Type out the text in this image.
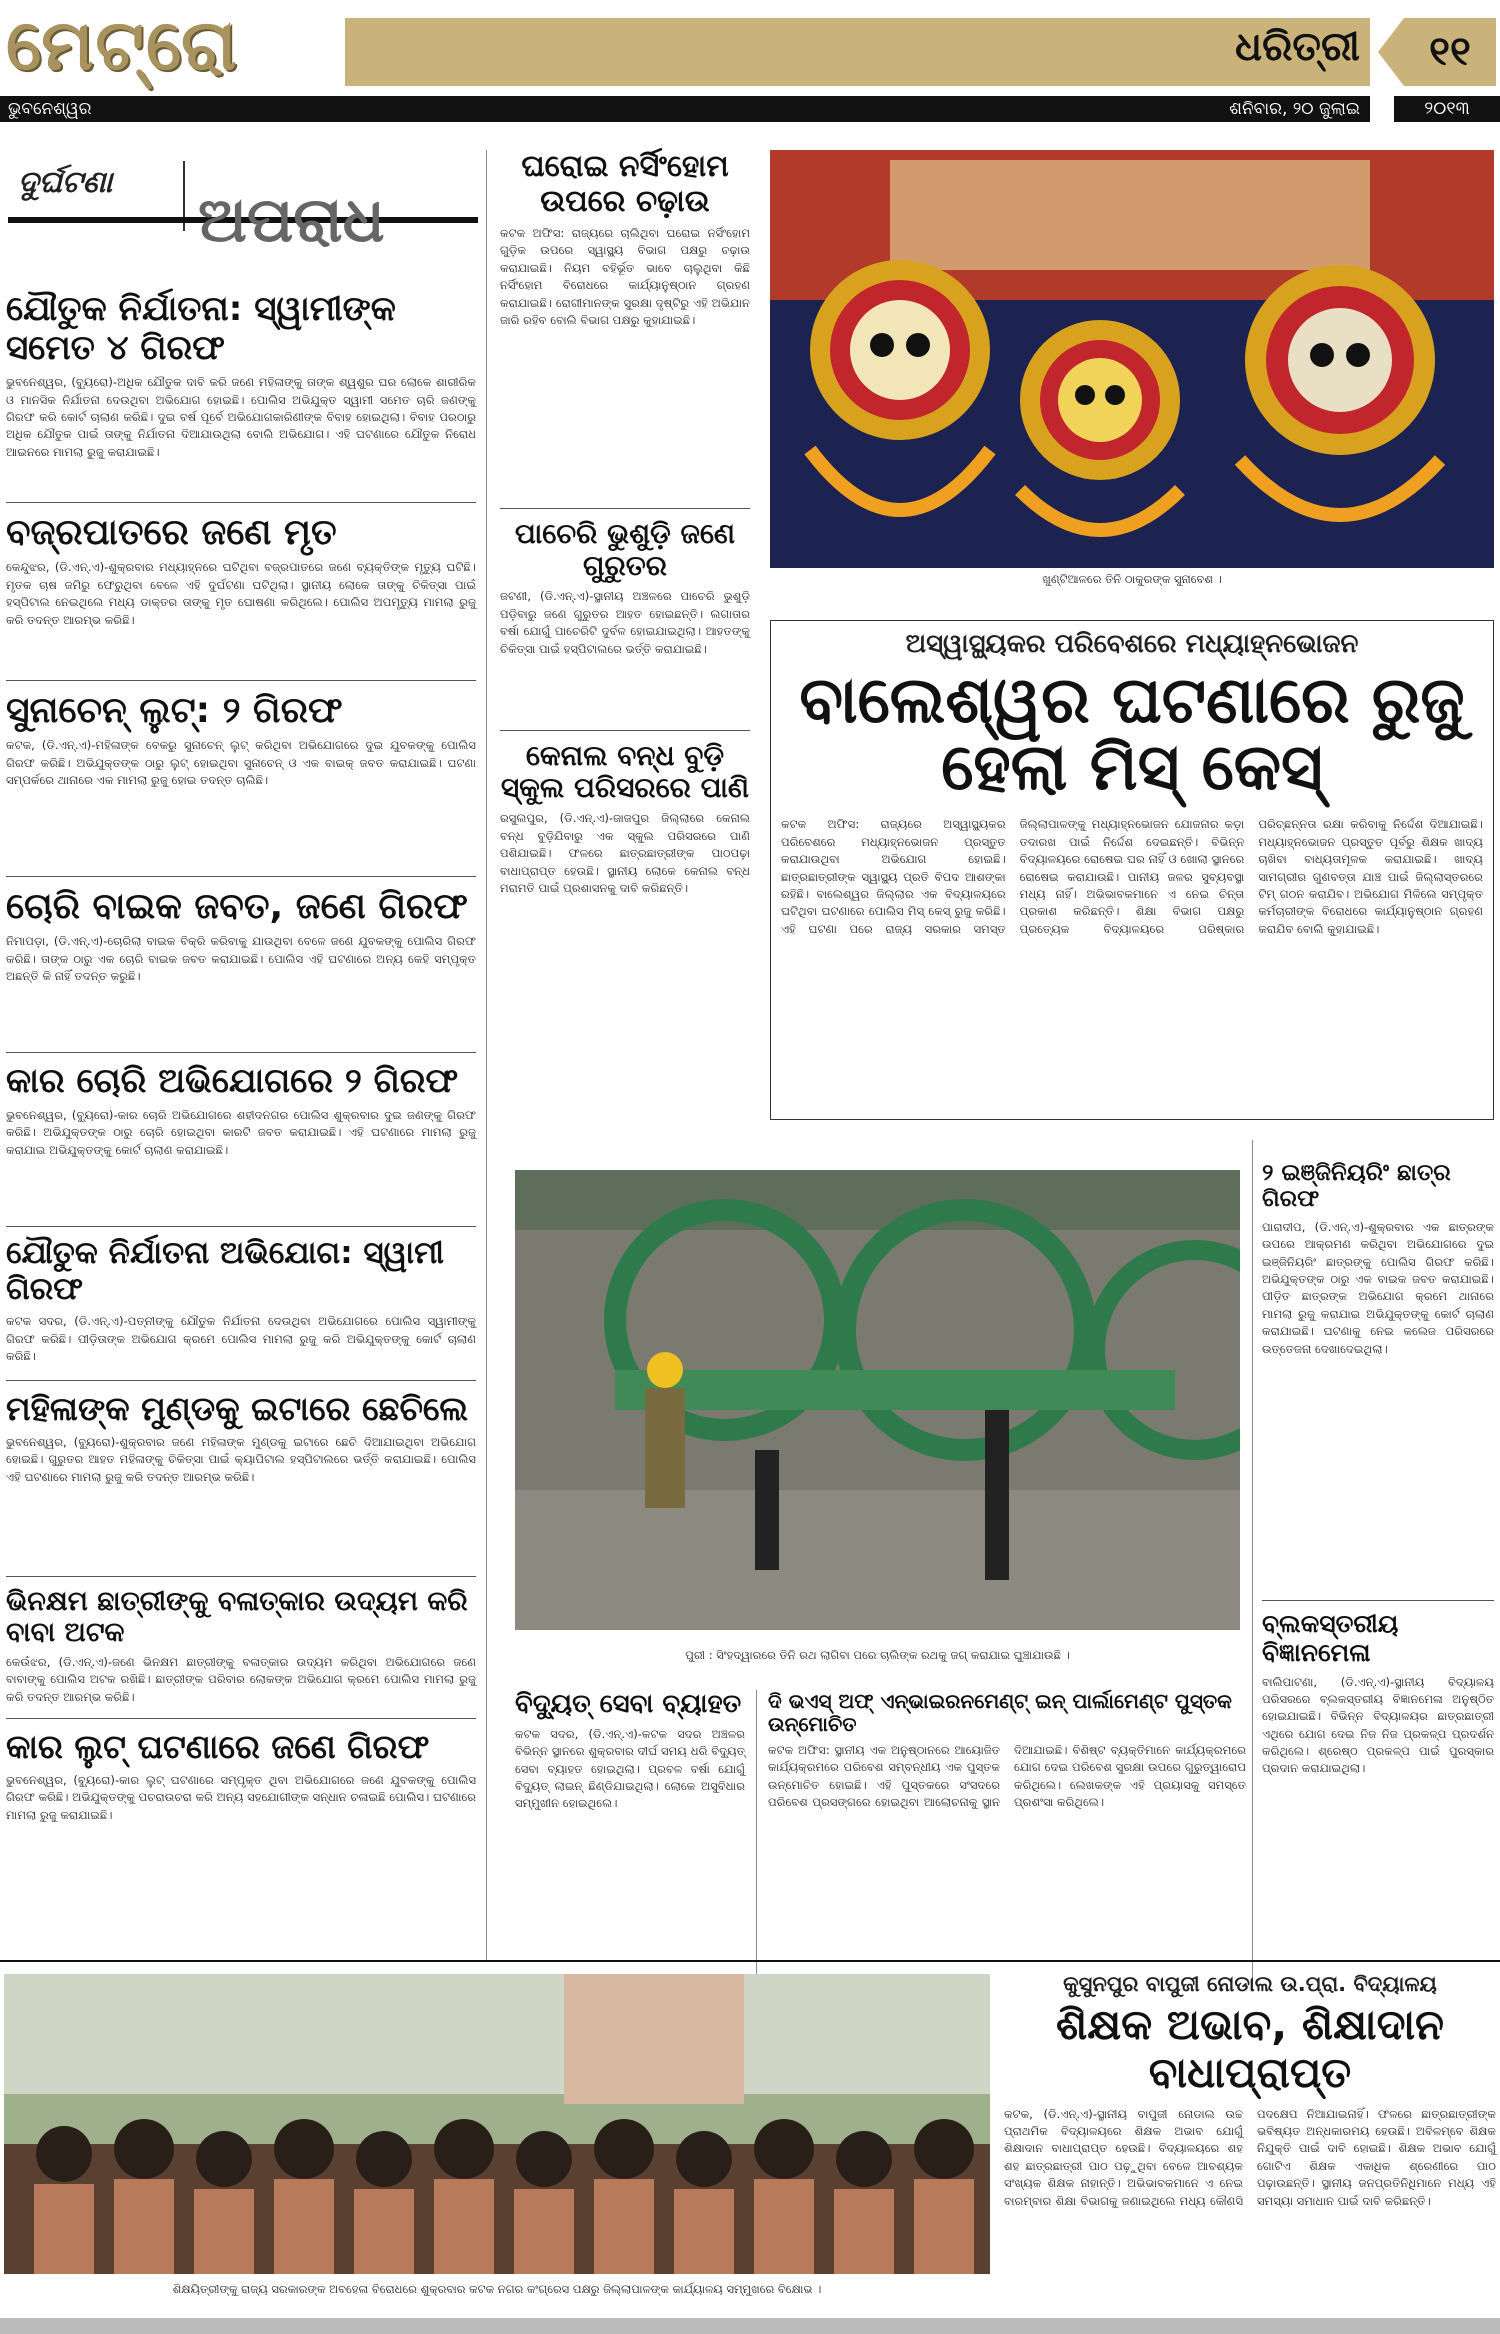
ମେଟ୍ରୋ	ଧରିତ୍ରୀ	୧୧
ଭୁବନେଶ୍ୱର	ଶନିବାର, ୨୦ ଜୁଲାଇ	୨୦୧୩
ଦୁର୍ଘଟଣା
ଅପରାଧ
ଯୌତୁକ ନିର୍ଯାତନା: ସ୍ୱାମୀଙ୍କ ସମେତ ୪ ଗିରଫ

ଭୁବନେଶ୍ୱର, (ବ୍ୟୁରୋ)-ଅଧିକ ଯୌତୁକ ଦାବି କରି ଜଣେ ମହିଳାଙ୍କୁ ତାଙ୍କ ଶ୍ୱଶୁର ଘର ଲୋକେ ଶାରୀରିକ ଓ ମାନସିକ ନିର୍ଯାତନା ଦେଉଥିବା ଅଭିଯୋଗ ହୋଇଛି। ପୋଲିସ ଅଭିଯୁକ୍ତ ସ୍ୱାମୀ ସମେତ ଚାରି ଜଣଙ୍କୁ ଗିରଫ କରି କୋର୍ଟ ଚାଲାଣ କରିଛି। ଦୁଇ ବର୍ଷ ପୂର୍ବେ ଅଭିଯୋଗକାରିଣୀଙ୍କ ବିବାହ ହୋଇଥିଲା। ବିବାହ ପରଠାରୁ ଅଧିକ ଯୌତୁକ ପାଇଁ ତାଙ୍କୁ ନିର୍ଯାତନା ଦିଆଯାଉଥିଲା ବୋଲି ଅଭିଯୋଗ। ଏହି ଘଟଣାରେ ଯୌତୁକ ନିରୋଧ ଆଇନରେ ମାମଲା ରୁଜୁ କରାଯାଇଛି।

ବଜ୍ରପାତରେ ଜଣେ ମୃତ

କେନ୍ଦୁଝର, (ଡି.ଏନ୍.ଏ)-ଶୁକ୍ରବାର ମଧ୍ୟାହ୍ନରେ ଘଟିଥିବା ବଜ୍ରପାତରେ ଜଣେ ବ୍ୟକ୍ତିଙ୍କ ମୃତ୍ୟୁ ଘଟିଛି। ମୃତକ ଚାଷ ଜମିରୁ ଫେରୁଥିବା ବେଳେ ଏହି ଦୁର୍ଘଟଣା ଘଟିଥିଲା। ସ୍ଥାନୀୟ ଲୋକେ ତାଙ୍କୁ ଚିକିତ୍ସା ପାଇଁ ହସ୍ପିଟାଲ ନେଇଥିଲେ ମଧ୍ୟ ଡାକ୍ତର ତାଙ୍କୁ ମୃତ ଘୋଷଣା କରିଥିଲେ। ପୋଲିସ ଅପମୃତ୍ୟୁ ମାମଲା ରୁଜୁ କରି ତଦନ୍ତ ଆରମ୍ଭ କରିଛି।

ସୁନାଚେନ୍ ଲୁଟ୍: ୨ ଗିରଫ

କଟକ, (ଡି.ଏନ୍.ଏ)-ମହିଳାଙ୍କ ବେକରୁ ସୁନାଚେନ୍ ଲୁଟ୍ କରିଥିବା ଅଭିଯୋଗରେ ଦୁଇ ଯୁବକଙ୍କୁ ପୋଲିସ ଗିରଫ କରିଛି। ଅଭିଯୁକ୍ତଙ୍କ ଠାରୁ ଲୁଟ୍ ହୋଇଥିବା ସୁନାଚେନ୍ ଓ ଏକ ବାଇକ୍ ଜବତ କରାଯାଇଛି। ଘଟଣା ସମ୍ପର୍କରେ ଥାନାରେ ଏକ ମାମଲା ରୁଜୁ ହୋଇ ତଦନ୍ତ ଚାଲିଛି।

ଚୋରି ବାଇକ ଜବତ, ଜଣେ ଗିରଫ

ନିମାପଡ଼ା, (ଡି.ଏନ୍.ଏ)-ଚୋରିଲା ବାଇକ ବିକ୍ରି କରିବାକୁ ଯାଉଥିବା ବେଳେ ଜଣେ ଯୁବକଙ୍କୁ ପୋଲିସ ଗିରଫ କରିଛି। ତାଙ୍କ ଠାରୁ ଏକ ଚୋରି ବାଇକ ଜବତ କରାଯାଇଛି। ପୋଲିସ ଏହି ଘଟଣାରେ ଅନ୍ୟ କେହି ସମ୍ପୃକ୍ତ ଅଛନ୍ତି କି ନାହିଁ ତଦନ୍ତ କରୁଛି।

କାର ଚୋରି ଅଭିଯୋଗରେ ୨ ଗିରଫ

ଭୁବନେଶ୍ୱର, (ବ୍ୟୁରୋ)-କାର ଚୋରି ଅଭିଯୋଗରେ ଶହୀଦନଗର ପୋଲିସ ଶୁକ୍ରବାର ଦୁଇ ଜଣଙ୍କୁ ଗିରଫ କରିଛି। ଅଭିଯୁକ୍ତଙ୍କ ଠାରୁ ଚୋରି ହୋଇଥିବା କାରଟି ଜବତ କରାଯାଇଛି। ଏହି ଘଟଣାରେ ମାମଲା ରୁଜୁ କରାଯାଇ ଅଭିଯୁକ୍ତଙ୍କୁ କୋର୍ଟ ଚାଲାଣ କରାଯାଇଛି।

ଯୌତୁକ ନିର୍ଯାତନା ଅଭିଯୋଗ: ସ୍ୱାମୀ ଗିରଫ

କଟକ ସଦର, (ଡି.ଏନ୍.ଏ)-ପତ୍ନୀଙ୍କୁ ଯୌତୁକ ନିର୍ଯାତନା ଦେଉଥିବା ଅଭିଯୋଗରେ ପୋଲିସ ସ୍ୱାମୀଙ୍କୁ ଗିରଫ କରିଛି। ପୀଡ଼ିତାଙ୍କ ଅଭିଯୋଗ କ୍ରମେ ପୋଲିସ ମାମଲା ରୁଜୁ କରି ଅଭିଯୁକ୍ତଙ୍କୁ କୋର୍ଟ ଚାଲାଣ କରିଛି।

ମହିଳାଙ୍କ ମୁଣ୍ଡକୁ ଇଟାରେ ଛେଚିଲେ

ଭୁବନେଶ୍ୱର, (ବ୍ୟୁରୋ)-ଶୁକ୍ରବାର ଜଣେ ମହିଳାଙ୍କ ମୁଣ୍ଡକୁ ଇଟାରେ ଛେଚି ଦିଆଯାଇଥିବା ଅଭିଯୋଗ ହୋଇଛି। ଗୁରୁତର ଆହତ ମହିଳାଙ୍କୁ ଚିକିତ୍ସା ପାଇଁ କ୍ୟାପିଟାଲ ହସ୍ପିଟାଲରେ ଭର୍ତ୍ତି କରାଯାଇଛି। ପୋଲିସ ଏହି ଘଟଣାରେ ମାମଲା ରୁଜୁ କରି ତଦନ୍ତ ଆରମ୍ଭ କରିଛି।

ଭିନକ୍ଷମ ଛାତ୍ରୀଙ୍କୁ ବଳାତ୍କାର ଉଦ୍ୟମ କରି ବାବା ଅଟକ

କେଉଁଝର, (ଡି.ଏନ୍.ଏ)-ଜଣେ ଭିନକ୍ଷମ ଛାତ୍ରୀଙ୍କୁ ବଳାତ୍କାର ଉଦ୍ୟମ କରିଥିବା ଅଭିଯୋଗରେ ଜଣେ ବାବାଙ୍କୁ ପୋଲିସ ଅଟକ ରଖିଛି। ଛାତ୍ରୀଙ୍କ ପରିବାର ଲୋକଙ୍କ ଅଭିଯୋଗ କ୍ରମେ ପୋଲିସ ମାମଲା ରୁଜୁ କରି ତଦନ୍ତ ଆରମ୍ଭ କରିଛି।

କାର ଲୁଟ୍ ଘଟଣାରେ ଜଣେ ଗିରଫ

ଭୁବନେଶ୍ୱର, (ବ୍ୟୁରୋ)-କାର ଲୁଟ୍ ଘଟଣାରେ ସମ୍ପୃକ୍ତ ଥିବା ଅଭିଯୋଗରେ ଜଣେ ଯୁବକଙ୍କୁ ପୋଲିସ ଗିରଫ କରିଛି। ଅଭିଯୁକ୍ତଙ୍କୁ ପଚରାଉଚରା କରି ଅନ୍ୟ ସହଯୋଗୀଙ୍କ ସନ୍ଧାନ ଚଳାଇଛି ପୋଲିସ। ଘଟଣାରେ ମାମଲା ରୁଜୁ କରାଯାଇଛି।

ଘରୋଇ ନର୍ସିଂହୋମ ଉପରେ ଚଢ଼ାଉ

କଟକ ଅଫିସ: ରାଜ୍ୟରେ ଚାଲିଥିବା ଘରୋଇ ନର୍ସିଂହୋମ ଗୁଡ଼ିକ ଉପରେ ସ୍ୱାସ୍ଥ୍ୟ ବିଭାଗ ପକ୍ଷରୁ ଚଢ଼ାଉ କରାଯାଇଛି। ନିୟମ ବହିର୍ଭୂତ ଭାବେ ଚାଲୁଥିବା କିଛି ନର୍ସିଂହୋମ ବିରୋଧରେ କାର୍ଯ୍ୟାନୁଷ୍ଠାନ ଗ୍ରହଣ କରାଯାଇଛି। ରୋଗୀମାନଙ୍କ ସୁରକ୍ଷା ଦୃଷ୍ଟିରୁ ଏହି ଅଭିଯାନ ଜାରି ରହିବ ବୋଲି ବିଭାଗ ପକ୍ଷରୁ କୁହାଯାଇଛି।

ପାଚେରି ଭୁଶୁଡ଼ି ଜଣେ ଗୁରୁତର

ଜଟଣୀ, (ଡି.ଏନ୍.ଏ)-ସ୍ଥାନୀୟ ଅଞ୍ଚଳରେ ପାଚେରି ଭୁଶୁଡ଼ି ପଡ଼ିବାରୁ ଜଣେ ଗୁରୁତର ଆହତ ହୋଇଛନ୍ତି। ଲଗାତାର ବର୍ଷା ଯୋଗୁଁ ପାଚେରିଟି ଦୁର୍ବଳ ହୋଇଯାଇଥିଲା। ଆହତଙ୍କୁ ଚିକିତ୍ସା ପାଇଁ ହସ୍ପିଟାଲରେ ଭର୍ତ୍ତି କରାଯାଇଛି।

କେନାଲ ବନ୍ଧ ବୁଡ଼ି ସ୍କୁଲ ପରିସରରେ ପାଣି

ରସୁଲପୁର, (ଡି.ଏନ୍.ଏ)-ଜାଜପୁର ଜିଲ୍ଲାରେ କେନାଲ ବନ୍ଧ ବୁଡ଼ିଯିବାରୁ ଏକ ସ୍କୁଲ ପରିସରରେ ପାଣି ପଶିଯାଇଛି। ଫଳରେ ଛାତ୍ରଛାତ୍ରୀଙ୍କ ପାଠପଢ଼ା ବାଧାପ୍ରାପ୍ତ ହେଉଛି। ସ୍ଥାନୀୟ ଲୋକେ କେନାଲ ବନ୍ଧ ମରାମତି ପାଇଁ ପ୍ରଶାସନକୁ ଦାବି କରିଛନ୍ତି।

ଖୁଣ୍ଟିଆଳରେ ତିନି ଠାକୁରଙ୍କ ସୁନାବେଶ ।
ଅସ୍ୱାସ୍ଥ୍ୟକର ପରିବେଶରେ ମଧ୍ୟାହ୍ନଭୋଜନ
ବାଲେଶ୍ୱର ଘଟଣାରେ ରୁଜୁ ହେଲା ମିସ୍ କେସ୍

କଟକ ଅଫିସ: ରାଜ୍ୟରେ ଅସ୍ୱାସ୍ଥ୍ୟକର ପରିବେଶରେ ମଧ୍ୟାହ୍ନଭୋଜନ ପ୍ରସ୍ତୁତ କରାଯାଉଥିବା ଅଭିଯୋଗ ହୋଇଛି। ଛାତ୍ରଛାତ୍ରୀଙ୍କ ସ୍ୱାସ୍ଥ୍ୟ ପ୍ରତି ବିପଦ ଆଶଙ୍କା ରହିଛି। ବାଲେଶ୍ୱର ଜିଲ୍ଲାର ଏକ ବିଦ୍ୟାଳୟରେ ଘଟିଥିବା ଘଟଣାରେ ପୋଲିସ ମିସ୍ କେସ୍ ରୁଜୁ କରିଛି। ଏହି ଘଟଣା ପରେ ରାଜ୍ୟ ସରକାର ସମସ୍ତ ଜିଲ୍ଲାପାଳଙ୍କୁ ମଧ୍ୟାହ୍ନଭୋଜନ ଯୋଜନାର କଡ଼ା ତଦାରଖ ପାଇଁ ନିର୍ଦ୍ଦେଶ ଦେଇଛନ୍ତି। ବିଭିନ୍ନ ବିଦ୍ୟାଳୟରେ ରୋଷେଇ ଘର ନାହିଁ ଓ ଖୋଲା ସ୍ଥାନରେ ରୋଷେଇ କରାଯାଉଛି। ପାନୀୟ ଜଳର ସୁବ୍ୟବସ୍ଥା ମଧ୍ୟ ନାହିଁ। ଅଭିଭାବକମାନେ ଏ ନେଇ ଚିନ୍ତା ପ୍ରକାଶ କରିଛନ୍ତି। ଶିକ୍ଷା ବିଭାଗ ପକ୍ଷରୁ ପ୍ରତ୍ୟେକ ବିଦ୍ୟାଳୟରେ ପରିଷ୍କାର ପରିଚ୍ଛନ୍ନତା ରକ୍ଷା କରିବାକୁ ନିର୍ଦ୍ଦେଶ ଦିଆଯାଇଛି। ମଧ୍ୟାହ୍ନଭୋଜନ ପ୍ରସ୍ତୁତ ପୂର୍ବରୁ ଶିକ୍ଷକ ଖାଦ୍ୟ ଚାଖିବା ବାଧ୍ୟତାମୂଳକ କରାଯାଇଛି। ଖାଦ୍ୟ ସାମଗ୍ରୀର ଗୁଣବତ୍ତା ଯାଞ୍ଚ ପାଇଁ ଜିଲ୍ଲାସ୍ତରରେ ଟିମ୍ ଗଠନ କରାଯିବ। ଅଭିଯୋଗ ମିଳିଲେ ସମ୍ପୃକ୍ତ କର୍ମଚାରୀଙ୍କ ବିରୋଧରେ କାର୍ଯ୍ୟାନୁଷ୍ଠାନ ଗ୍ରହଣ କରାଯିବ ବୋଲି କୁହାଯାଇଛି।

ପୁରୀ : ସିଂହଦ୍ୱାରରେ ତିନି ରଥ ଲାଗିବା ପରେ ଚାଲିଙ୍କ ରଥକୁ ଜଗ୍ କରାଯାଇ ଘୁଞ୍ଚାଯାଉଛି ।
୨ ଇଞ୍ଜିନିୟରିଂ ଛାତ୍ର ଗିରଫ

ପାରାଦୀପ, (ଡି.ଏନ୍.ଏ)-ଶୁକ୍ରବାର ଏକ ଛାତ୍ରଙ୍କ ଉପରେ ଆକ୍ରମଣ କରିଥିବା ଅଭିଯୋଗରେ ଦୁଇ ଇଞ୍ଜିନିୟରିଂ ଛାତ୍ରଙ୍କୁ ପୋଲିସ ଗିରଫ କରିଛି। ଅଭିଯୁକ୍ତଙ୍କ ଠାରୁ ଏକ ବାଇକ ଜବତ କରାଯାଇଛି। ପୀଡ଼ିତ ଛାତ୍ରଙ୍କ ଅଭିଯୋଗ କ୍ରମେ ଥାନାରେ ମାମଲା ରୁଜୁ କରାଯାଇ ଅଭିଯୁକ୍ତଙ୍କୁ କୋର୍ଟ ଚାଲାଣ କରାଯାଇଛି। ଘଟଣାକୁ ନେଇ କଲେଜ ପରିସରରେ ଉତ୍ତେଜନା ଦେଖାଦେଇଥିଲା।

ବ୍ଲକସ୍ତରୀୟ ବିଜ୍ଞାନମେଳା

ବାଲିପାଟଣା, (ଡି.ଏନ୍.ଏ)-ସ୍ଥାନୀୟ ବିଦ୍ୟାଳୟ ପରିସରରେ ବ୍ଲକସ୍ତରୀୟ ବିଜ୍ଞାନମେଳା ଅନୁଷ୍ଠିତ ହୋଇଯାଇଛି। ବିଭିନ୍ନ ବିଦ୍ୟାଳୟର ଛାତ୍ରଛାତ୍ରୀ ଏଥିରେ ଯୋଗ ଦେଇ ନିଜ ନିଜ ପ୍ରକଳ୍ପ ପ୍ରଦର୍ଶନ କରିଥିଲେ। ଶ୍ରେଷ୍ଠ ପ୍ରକଳ୍ପ ପାଇଁ ପୁରସ୍କାର ପ୍ରଦାନ କରାଯାଇଥିଲା।

ବିଦ୍ୟୁତ୍ ସେବା ବ୍ୟାହତ

କଟକ ସଦର, (ଡି.ଏନ୍.ଏ)-କଟକ ସଦର ଅଞ୍ଚଳର ବିଭିନ୍ନ ସ୍ଥାନରେ ଶୁକ୍ରବାର ଦୀର୍ଘ ସମୟ ଧରି ବିଦ୍ୟୁତ୍ ସେବା ବ୍ୟାହତ ହୋଇଥିଲା। ପ୍ରବଳ ବର୍ଷା ଯୋଗୁଁ ବିଦ୍ୟୁତ୍ ଲାଇନ୍ ଛିଣ୍ଡିଯାଇଥିଲା। ଲୋକେ ଅସୁବିଧାର ସମ୍ମୁଖୀନ ହୋଇଥିଲେ।

ଦି ଭଏସ୍ ଅଫ୍ ଏନ୍ଭାଇରନମେଣ୍ଟ୍ ଇନ୍ ପାର୍ଲାମେଣ୍ଟ ପୁସ୍ତକ ଉନ୍ମୋଚିତ

କଟକ ଅଫିସ: ସ୍ଥାନୀୟ ଏକ ଅନୁଷ୍ଠାନରେ ଆୟୋଜିତ କାର୍ଯ୍ୟକ୍ରମରେ ପରିବେଶ ସମ୍ବନ୍ଧୀୟ ଏକ ପୁସ୍ତକ ଉନ୍ମୋଚିତ ହୋଇଛି। ଏହି ପୁସ୍ତକରେ ସଂସଦରେ ପରିବେଶ ପ୍ରସଙ୍ଗରେ ହୋଇଥିବା ଆଲୋଚନାକୁ ସ୍ଥାନ ଦିଆଯାଇଛି। ବିଶିଷ୍ଟ ବ୍ୟକ୍ତିମାନେ କାର୍ଯ୍ୟକ୍ରମରେ ଯୋଗ ଦେଇ ପରିବେଶ ସୁରକ୍ଷା ଉପରେ ଗୁରୁତ୍ୱାରୋପ କରିଥିଲେ। ଲେଖକଙ୍କ ଏହି ପ୍ରୟାସକୁ ସମସ୍ତେ ପ୍ରଶଂସା କରିଥିଲେ।

ଶିକ୍ଷୟିତ୍ରୀଙ୍କୁ ରାଜ୍ୟ ସରକାରଙ୍କ ଅବହେଳା ବିରୋଧରେ ଶୁକ୍ରବାର କଟକ ନଗର କଂଗ୍ରେସ ପକ୍ଷରୁ ଜିଲ୍ଲାପାଳଙ୍କ କାର୍ଯ୍ୟାଳୟ ସମ୍ମୁଖରେ ବିକ୍ଷୋଭ ।
କୁସୁନପୁର ବାପୁଜୀ ନୋଡାଲ ଉ.ପ୍ରା. ବିଦ୍ୟାଳୟ
ଶିକ୍ଷକ ଅଭାବ, ଶିକ୍ଷାଦାନ ବାଧାପ୍ରାପ୍ତ

କଟକ, (ଡି.ଏନ୍.ଏ)-ସ୍ଥାନୀୟ ବାପୁଜୀ ନୋଡାଲ ଉଚ୍ଚ ପ୍ରାଥମିକ ବିଦ୍ୟାଳୟରେ ଶିକ୍ଷକ ଅଭାବ ଯୋଗୁଁ ଶିକ୍ଷାଦାନ ବାଧାପ୍ରାପ୍ତ ହେଉଛି। ବିଦ୍ୟାଳୟରେ ଶହ ଶହ ଛାତ୍ରଛାତ୍ରୀ ପାଠ ପଢ଼ୁଥିବା ବେଳେ ଆବଶ୍ୟକ ସଂଖ୍ୟକ ଶିକ୍ଷକ ନାହାନ୍ତି। ଅଭିଭାବକମାନେ ଏ ନେଇ ବାରମ୍ବାର ଶିକ୍ଷା ବିଭାଗକୁ ଜଣାଇଥିଲେ ମଧ୍ୟ କୌଣସି ପଦକ୍ଷେପ ନିଆଯାଇନାହିଁ। ଫଳରେ ଛାତ୍ରଛାତ୍ରୀଙ୍କ ଭବିଷ୍ୟତ ଅନ୍ଧକାରମୟ ହେଉଛି। ଅବିଳମ୍ବେ ଶିକ୍ଷକ ନିଯୁକ୍ତି ପାଇଁ ଦାବି ହୋଇଛି। ଶିକ୍ଷକ ଅଭାବ ଯୋଗୁଁ ଗୋଟିଏ ଶିକ୍ଷକ ଏକାଧିକ ଶ୍ରେଣୀରେ ପାଠ ପଢ଼ାଉଛନ୍ତି। ସ୍ଥାନୀୟ ଜନପ୍ରତିନିଧିମାନେ ମଧ୍ୟ ଏହି ସମସ୍ୟା ସମାଧାନ ପାଇଁ ଦାବି କରିଛନ୍ତି।
